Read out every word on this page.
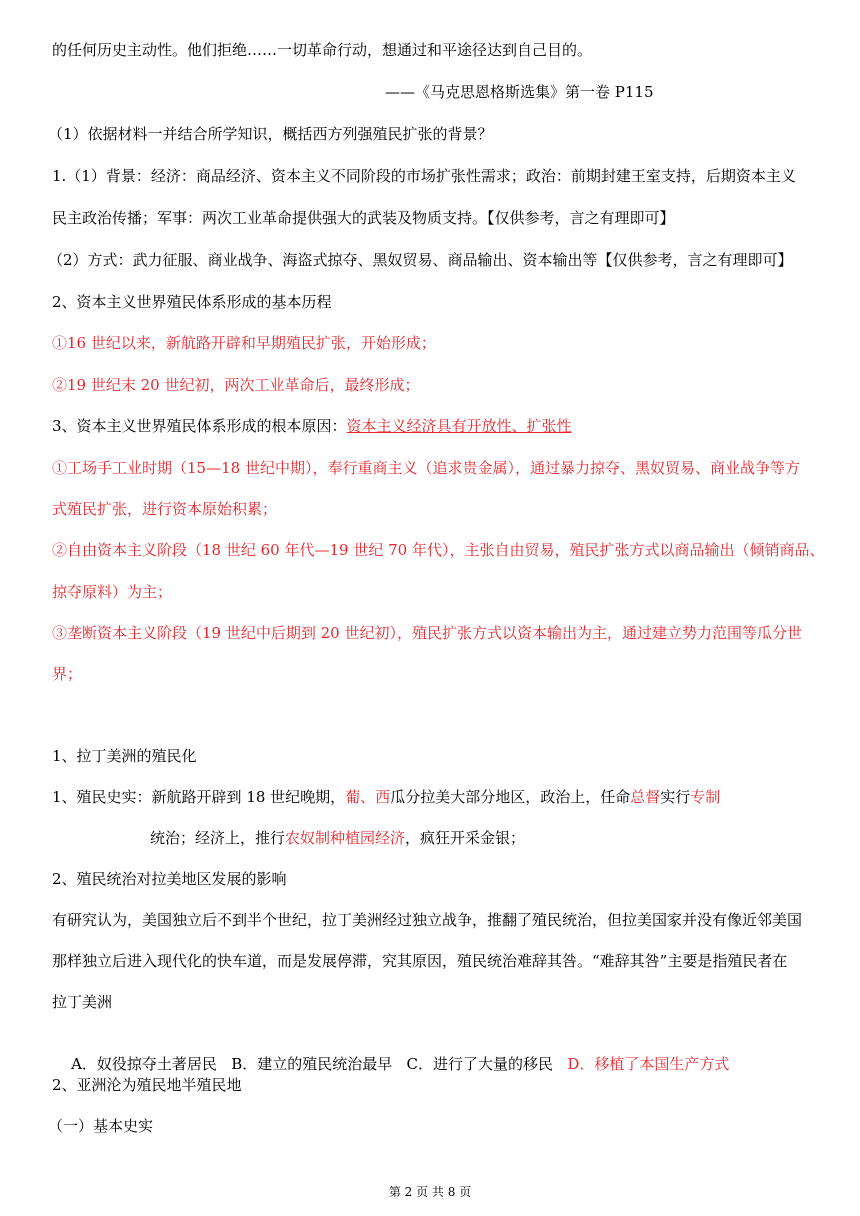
的任何历史主动性。他们拒绝……一切革命行动，想通过和平途径达到自己目的。
——《马克思恩格斯选集》第一卷 P115
（1）依据材料一并结合所学知识，概括西方列强殖民扩张的背景？
1.（1）背景：经济：商品经济、资本主义不同阶段的市场扩张性需求；政治：前期封建王室支持，后期资本主义
民主政治传播；军事：两次工业革命提供强大的武装及物质支持。【仅供参考，言之有理即可】
（2）方式：武力征服、商业战争、海盗式掠夺、黑奴贸易、商品输出、资本输出等【仅供参考，言之有理即可】
2、资本主义世界殖民体系形成的基本历程
①16 世纪以来，新航路开辟和早期殖民扩张，开始形成；
②19 世纪末 20 世纪初，两次工业革命后，最终形成；
3、资本主义世界殖民体系形成的根本原因：资本主义经济具有开放性、扩张性
①工场手工业时期（15—18 世纪中期），奉行重商主义（追求贵金属），通过暴力掠夺、黑奴贸易、商业战争等方
式殖民扩张，进行资本原始积累；
②自由资本主义阶段（18 世纪 60 年代—19 世纪 70 年代），主张自由贸易，殖民扩张方式以商品输出（倾销商品、
掠夺原料）为主；
③垄断资本主义阶段（19 世纪中后期到 20 世纪初），殖民扩张方式以资本输出为主，通过建立势力范围等瓜分世
界；
1、拉丁美洲的殖民化
1、殖民史实：新航路开辟到 18 世纪晚期，葡、西瓜分拉美大部分地区，政治上，任命总督实行专制
统治；经济上，推行农奴制种植园经济，疯狂开采金银；
2、殖民统治对拉美地区发展的影响
有研究认为，美国独立后不到半个世纪，拉丁美洲经过独立战争，推翻了殖民统治，但拉美国家并没有像近邻美国
那样独立后进入现代化的快车道，而是发展停滞，究其原因，殖民统治难辞其咎。“难辞其咎”主要是指殖民者在
拉丁美洲

A．奴役掠夺土著居民   B．建立的殖民统治最早   C．进行了大量的移民   D．移植了本国生产方式

2、亚洲沦为殖民地半殖民地
（一）基本史实
第 2 页 共 8 页
